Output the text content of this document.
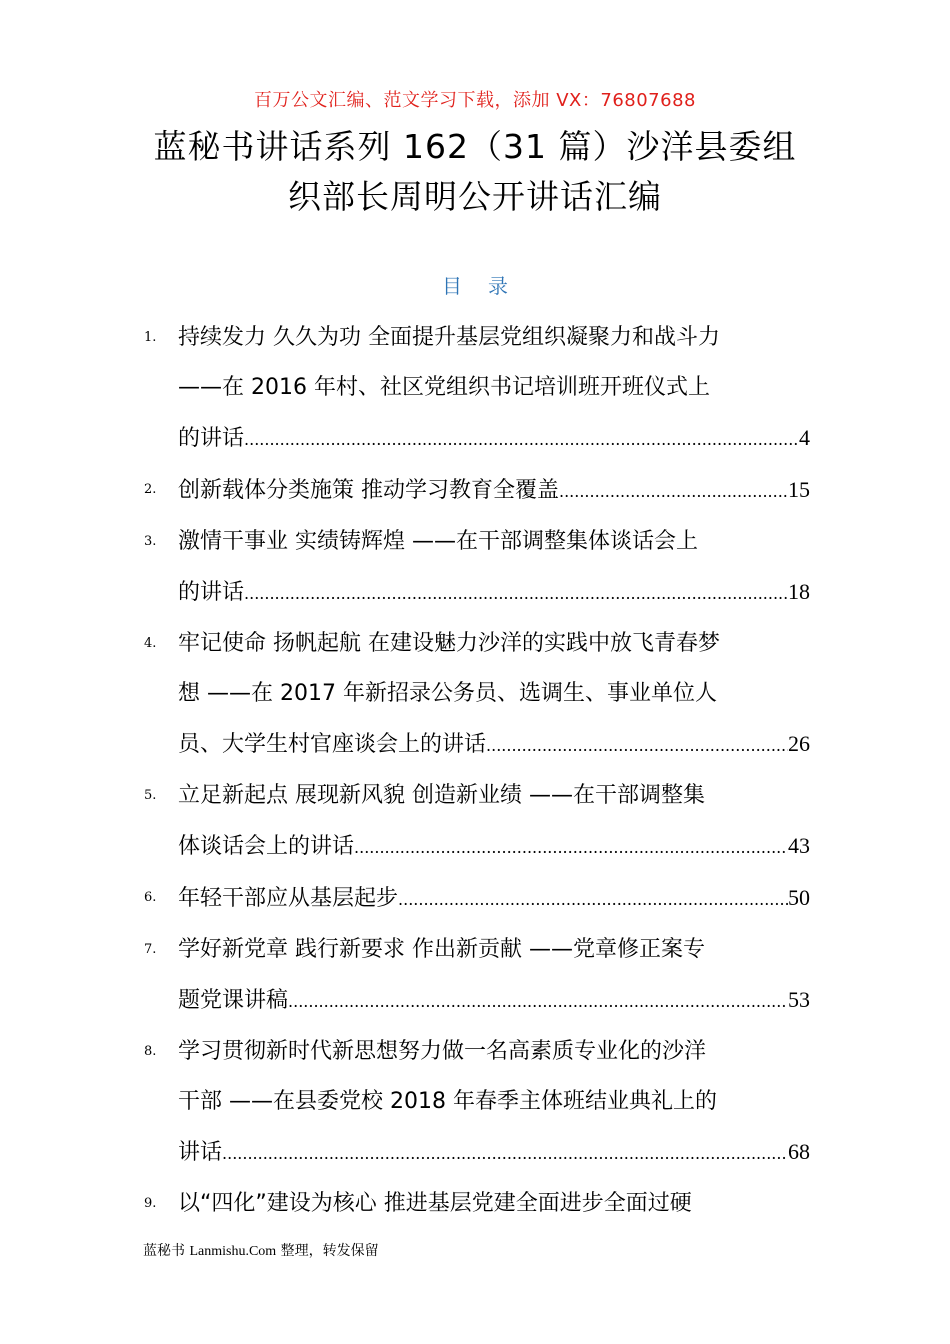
百万公文汇编、范文学习下载，添加 VX：76807688
蓝秘书讲话系列 162（31 篇）沙洋县委组
织部长周明公开讲话汇编
目 录
1. 持续发力 久久为功 全面提升基层党组织凝聚力和战斗力
——在 2016 年村、社区党组织书记培训班开班仪式上
的讲话 .....	4
2. 创新载体分类施策 推动学习教育全覆盖 .....	15
3. 激情干事业 实绩铸辉煌 ——在干部调整集体谈话会上
的讲话 .....	18
4. 牢记使命 扬帆起航 在建设魅力沙洋的实践中放飞青春梦
想 ——在 2017 年新招录公务员、选调生、事业单位人
员、大学生村官座谈会上的讲话 .....	26
5. 立足新起点 展现新风貌 创造新业绩 ——在干部调整集
体谈话会上的讲话 .....	43
6. 年轻干部应从基层起步 .....	50
7. 学好新党章 践行新要求 作出新贡献 ——党章修正案专
题党课讲稿 .....	53
8. 学习贯彻新时代新思想努力做一名高素质专业化的沙洋
干部 ——在县委党校 2018 年春季主体班结业典礼上的
讲话 .....	68
9. 以“四化”建设为核心 推进基层党建全面进步全面过硬
蓝秘书 Lanmishu.Com 整理，转发保留
